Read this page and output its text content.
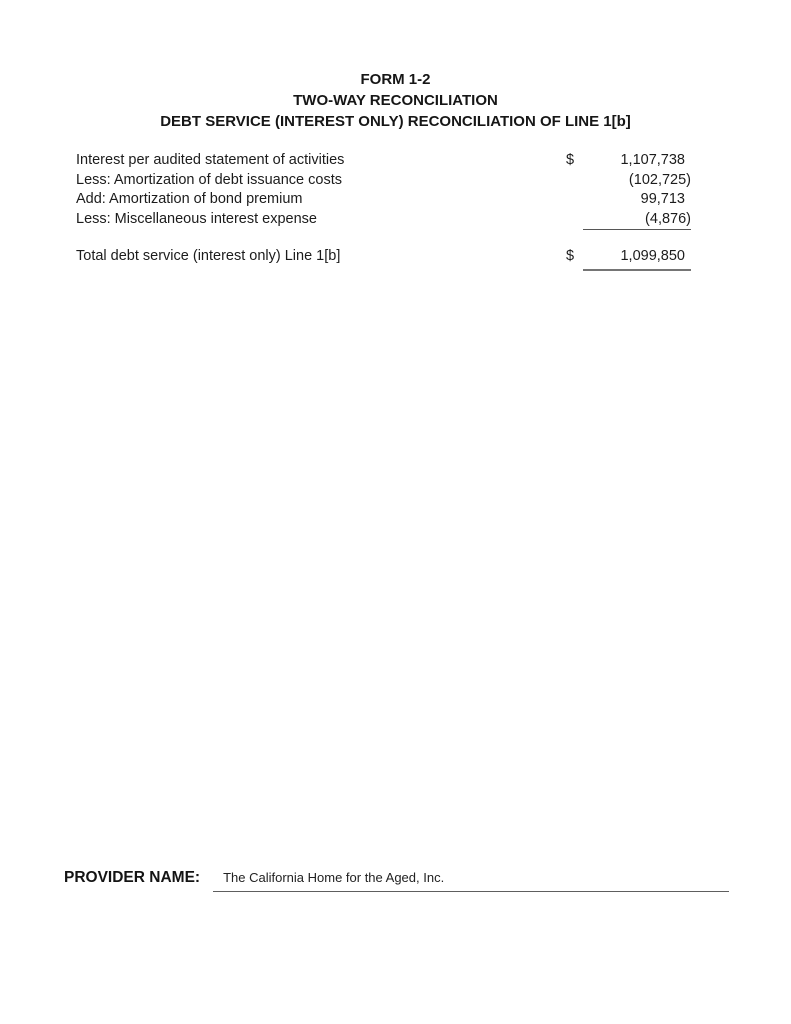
FORM 1-2
TWO-WAY RECONCILIATION
DEBT SERVICE (INTEREST ONLY) RECONCILIATION OF LINE 1[b]
Interest per audited statement of activities	$	1,107,738
Less: Amortization of debt issuance costs	(102,725)
Add: Amortization of bond premium	99,713
Less: Miscellaneous interest expense	(4,876)
Total debt service (interest only) Line 1[b]	$	1,099,850
PROVIDER NAME:	The California Home for the Aged, Inc.
